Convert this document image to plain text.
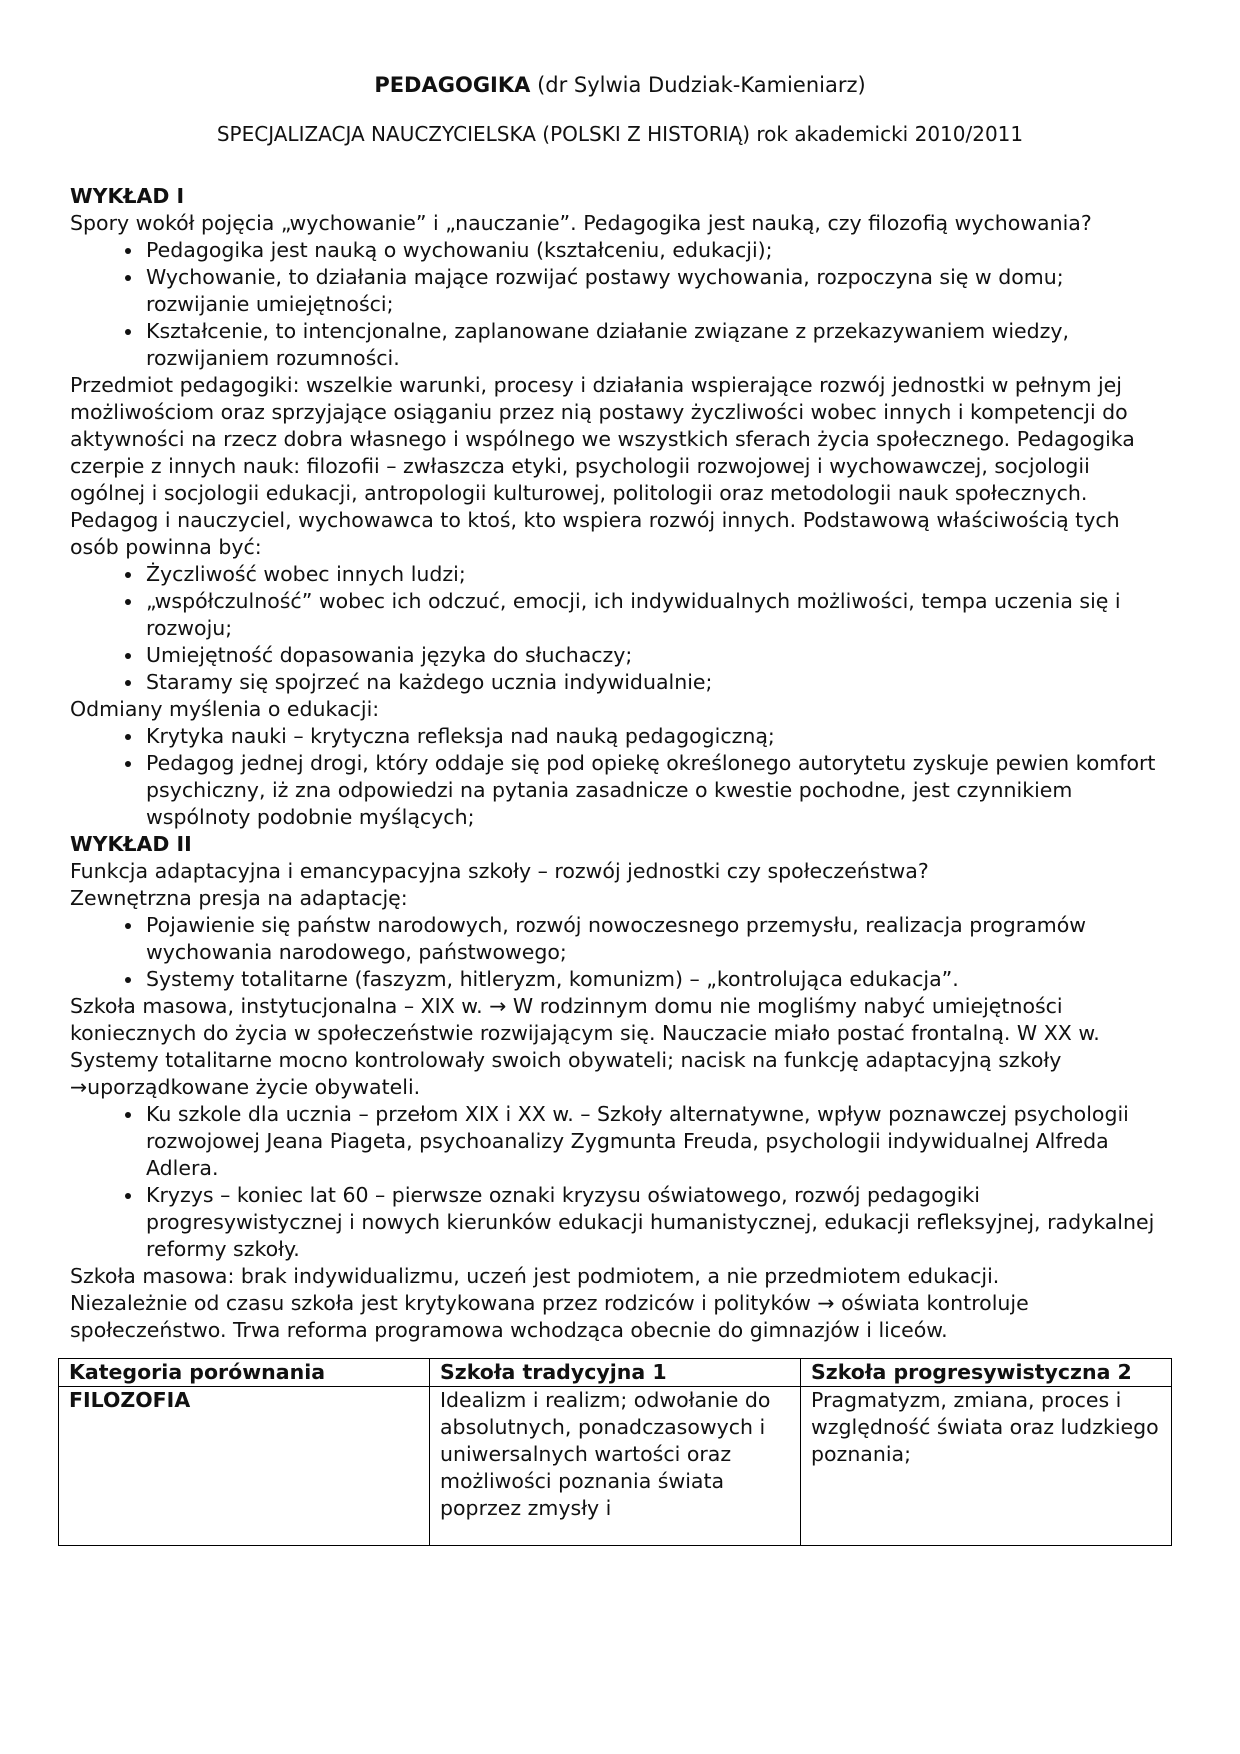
PEDAGOGIKA (dr Sylwia Dudziak-Kamieniarz)
SPECJALIZACJA NAUCZYCIELSKA (POLSKI Z HISTORIĄ) rok akademicki 2010/2011

WYKŁAD I

Spory wokół pojęcia „wychowanie” i „nauczanie”. Pedagogika jest nauką, czy filozofią wychowania?

• Pedagogika jest nauką o wychowaniu (kształceniu, edukacji);
• Wychowanie, to działania mające rozwijać postawy wychowania, rozpoczyna się w domu; rozwijanie umiejętności;
• Kształcenie, to intencjonalne, zaplanowane działanie związane z przekazywaniem wiedzy, rozwijaniem rozumności.

Przedmiot pedagogiki: wszelkie warunki, procesy i działania wspierające rozwój jednostki w pełnym jej możliwościom oraz sprzyjające osiąganiu przez nią postawy życzliwości wobec innych i kompetencji do aktywności na rzecz dobra własnego i wspólnego we wszystkich sferach życia społecznego. Pedagogika czerpie z innych nauk: filozofii – zwłaszcza etyki, psychologii rozwojowej i wychowawczej, socjologii ogólnej i socjologii edukacji, antropologii kulturowej, politologii oraz metodologii nauk społecznych. Pedagog i nauczyciel, wychowawca to ktoś, kto wspiera rozwój innych. Podstawową właściwością tych osób powinna być:

• Życzliwość wobec innych ludzi;
• „współczulność” wobec ich odczuć, emocji, ich indywidualnych możliwości, tempa uczenia się i rozwoju;
• Umiejętność dopasowania języka do słuchaczy;
• Staramy się spojrzeć na każdego ucznia indywidualnie;

Odmiany myślenia o edukacji:

• Krytyka nauki – krytyczna refleksja nad nauką pedagogiczną;
• Pedagog jednej drogi, który oddaje się pod opiekę określonego autorytetu zyskuje pewien komfort psychiczny, iż zna odpowiedzi na pytania zasadnicze o kwestie pochodne, jest czynnikiem wspólnoty podobnie myślących;

WYKŁAD II

Funkcja adaptacyjna i emancypacyjna szkoły – rozwój jednostki czy społeczeństwa?

Zewnętrzna presja na adaptację:

• Pojawienie się państw narodowych, rozwój nowoczesnego przemysłu, realizacja programów wychowania narodowego, państwowego;
• Systemy totalitarne (faszyzm, hitleryzm, komunizm) – „kontrolująca edukacja”.

Szkoła masowa, instytucjonalna – XIX w. → W rodzinnym domu nie mogliśmy nabyć umiejętności koniecznych do życia w społeczeństwie rozwijającym się. Nauczacie miało postać frontalną. W XX w. Systemy totalitarne mocno kontrolowały swoich obywateli; nacisk na funkcję adaptacyjną szkoły →uporządkowane życie obywateli.

• Ku szkole dla ucznia – przełom XIX i XX w. – Szkoły alternatywne, wpływ poznawczej psychologii rozwojowej Jeana Piageta, psychoanalizy Zygmunta Freuda, psychologii indywidualnej Alfreda Adlera.
• Kryzys – koniec lat 60 – pierwsze oznaki kryzysu oświatowego, rozwój pedagogiki progresywistycznej i nowych kierunków edukacji humanistycznej, edukacji refleksyjnej, radykalnej reformy szkoły.

Szkoła masowa: brak indywidualizmu, uczeń jest podmiotem, a nie przedmiotem edukacji.

Niezależnie od czasu szkoła jest krytykowana przez rodziców i polityków → oświata kontroluje społeczeństwo. Trwa reforma programowa wchodząca obecnie do gimnazjów i liceów.

Kategoria porównania	Szkoła tradycyjna 1	Szkoła progresywistyczna 2
FILOZOFIA	Idealizm i realizm; odwołanie do absolutnych, ponadczasowych i uniwersalnych wartości oraz możliwości poznania świata poprzez zmysły i	Pragmatyzm, zmiana, proces i względność świata oraz ludzkiego poznania;
